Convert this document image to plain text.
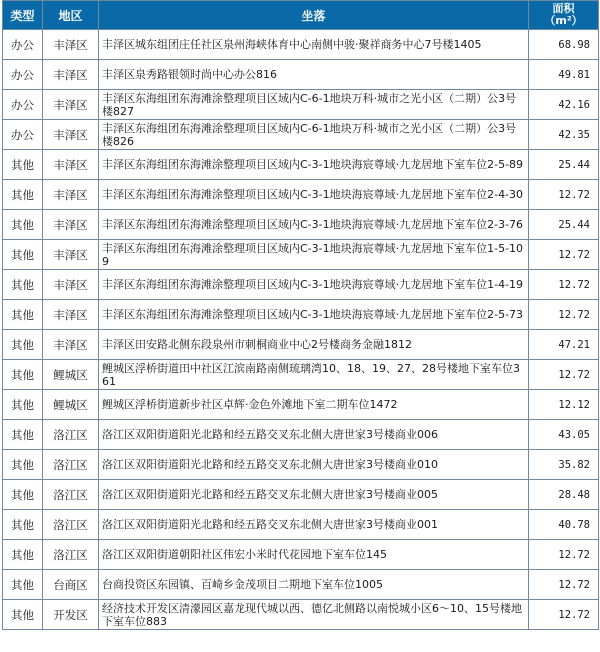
类型	地区	坐落	面积
（m²）

办公	丰泽区	丰泽区城东组团庄任社区泉州海峡体育中心南侧中骏·聚祥商务中心7号楼1405	68.98
办公	丰泽区	丰泽区泉秀路银领时尚中心办公816	49.81
办公	丰泽区	丰泽区东海组团东海滩涂整理项目区域内C-6-1地块万科·城市之光小区（二期）公3号楼827	42.16
办公	丰泽区	丰泽区东海组团东海滩涂整理项目区域内C-6-1地块万科·城市之光小区（二期）公3号楼826	42.35
其他	丰泽区	丰泽区东海组团东海滩涂整理项目区域内C-3-1地块海宸尊域·九龙居地下室车位2-5-89	25.44
其他	丰泽区	丰泽区东海组团东海滩涂整理项目区域内C-3-1地块海宸尊域·九龙居地下室车位2-4-30	12.72
其他	丰泽区	丰泽区东海组团东海滩涂整理项目区域内C-3-1地块海宸尊域·九龙居地下室车位2-3-76	25.44
其他	丰泽区	丰泽区东海组团东海滩涂整理项目区域内C-3-1地块海宸尊域·九龙居地下室车位1-5-109	12.72
其他	丰泽区	丰泽区东海组团东海滩涂整理项目区域内C-3-1地块海宸尊域·九龙居地下室车位1-4-19	12.72
其他	丰泽区	丰泽区东海组团东海滩涂整理项目区域内C-3-1地块海宸尊域·九龙居地下室车位2-5-73	12.72
其他	丰泽区	丰泽区田安路北侧东段泉州市刺桐商业中心2号楼商务金融1812	47.21
其他	鲤城区	鲤城区浮桥街道田中社区江滨南路南侧琉璃湾10、18、19、27、28号楼地下室车位361	12.72
其他	鲤城区	鲤城区浮桥街道新步社区卓辉·金色外滩地下室二期车位1472	12.12
其他	洛江区	洛江区双阳街道阳光北路和经五路交叉东北侧大唐世家3号楼商业006	43.05
其他	洛江区	洛江区双阳街道阳光北路和经五路交叉东北侧大唐世家3号楼商业010	35.82
其他	洛江区	洛江区双阳街道阳光北路和经五路交叉东北侧大唐世家3号楼商业005	28.48
其他	洛江区	洛江区双阳街道阳光北路和经五路交叉东北侧大唐世家3号楼商业001	40.78
其他	洛江区	洛江区双阳街道朝阳社区伟宏小米时代花园地下室车位145	12.72
其他	台商区	台商投资区东园镇、百崎乡金茂项目二期地下室车位1005	12.72
其他	开发区	经济技术开发区清濛园区嘉龙现代城以西、德亿北侧路以南悦城小区6～10、15号楼地下室车位883	12.72
